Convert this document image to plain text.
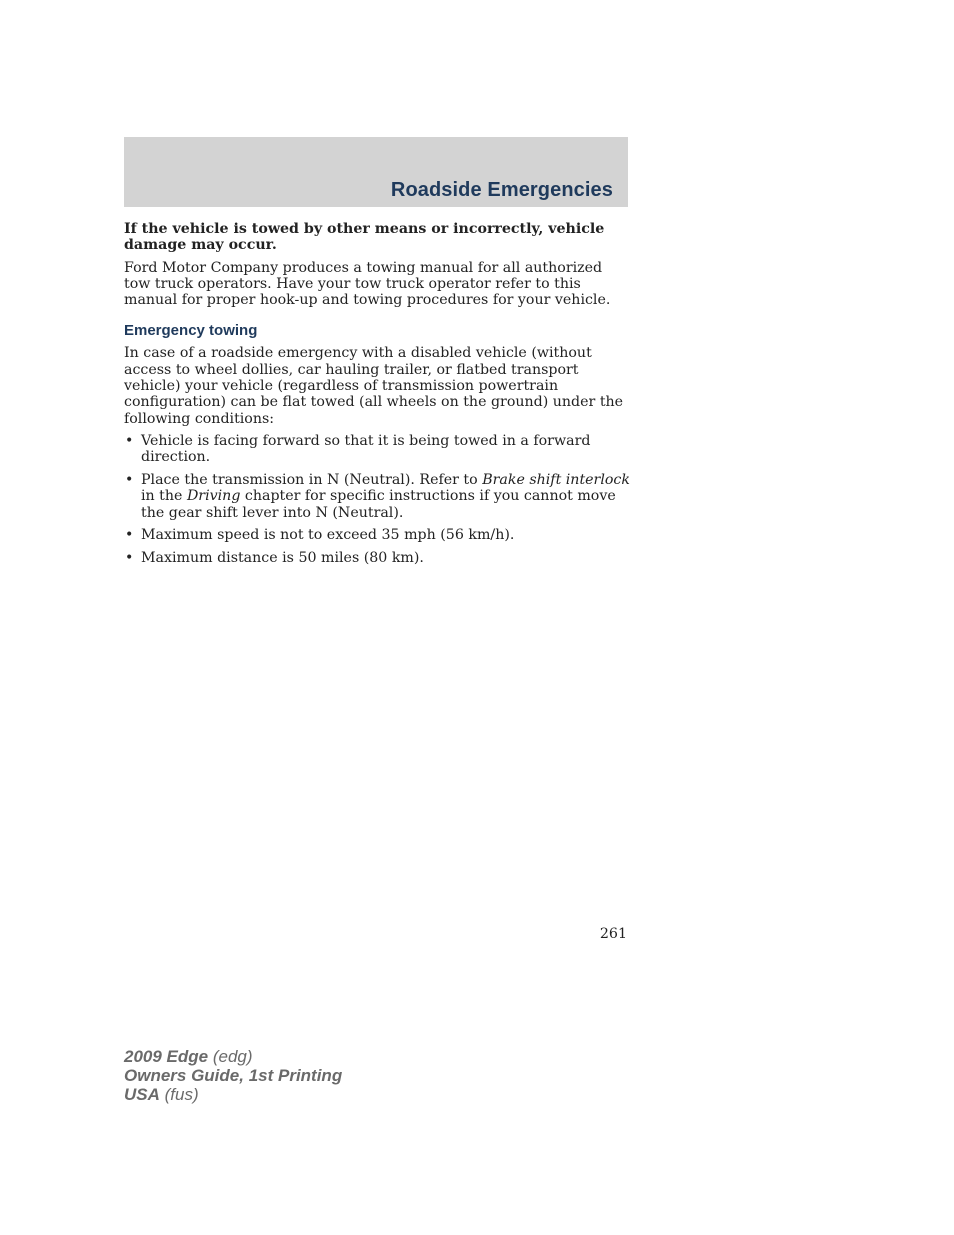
Roadside Emergencies

If the vehicle is towed by other means or incorrectly, vehicle damage may occur.

Ford Motor Company produces a towing manual for all authorized tow truck operators. Have your tow truck operator refer to this manual for proper hook-up and towing procedures for your vehicle.

Emergency towing

In case of a roadside emergency with a disabled vehicle (without access to wheel dollies, car hauling trailer, or flatbed transport vehicle) your vehicle (regardless of transmission powertrain configuration) can be flat towed (all wheels on the ground) under the following conditions:

• Vehicle is facing forward so that it is being towed in a forward direction.
• Place the transmission in N (Neutral). Refer to Brake shift interlock in the Driving chapter for specific instructions if you cannot move the gear shift lever into N (Neutral).
• Maximum speed is not to exceed 35 mph (56 km/h).
• Maximum distance is 50 miles (80 km).
261
2009 Edge (edg)
Owners Guide, 1st Printing
USA (fus)
